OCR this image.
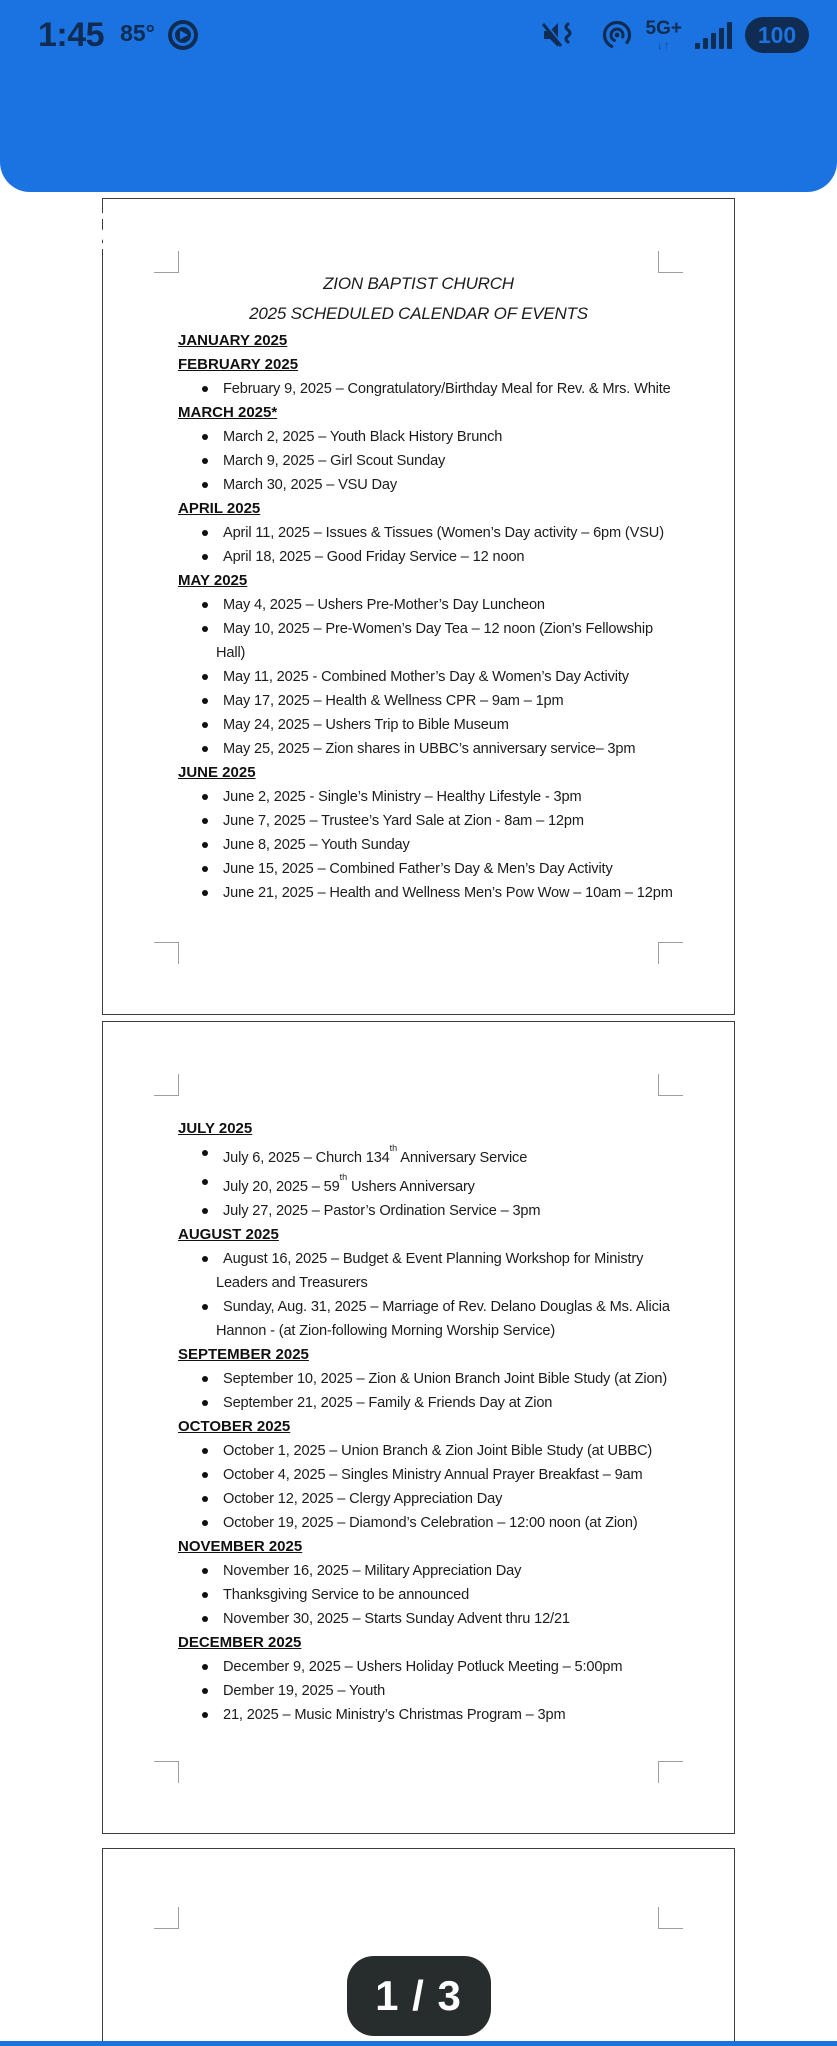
ZION BAPTIST CHURCH
2025 SCHEDULED CALENDAR OF EVENTS
JANUARY 2025
FEBRUARY 2025
February 9, 2025 – Congratulatory/Birthday Meal for Rev. & Mrs. White
MARCH 2025*
March 2, 2025 – Youth Black History Brunch
March 9, 2025 – Girl Scout Sunday
March 30, 2025 – VSU Day
APRIL 2025
April 11, 2025 – Issues & Tissues (Women’s Day activity – 6pm (VSU)
April 18, 2025 – Good Friday Service – 12 noon
MAY 2025
May 4, 2025 – Ushers Pre-Mother’s Day Luncheon
May 10, 2025 – Pre-Women’s Day Tea – 12 noon (Zion’s Fellowship
Hall)
May 11, 2025 - Combined Mother’s Day & Women’s Day Activity
May 17, 2025 – Health & Wellness CPR – 9am – 1pm
May 24, 2025 – Ushers Trip to Bible Museum
May 25, 2025 – Zion shares in UBBC’s anniversary service– 3pm
JUNE 2025
June 2, 2025 - Single’s Ministry – Healthy Lifestyle - 3pm
June 7, 2025 – Trustee’s Yard Sale at Zion - 8am – 12pm
June 8, 2025 – Youth Sunday
June 15, 2025 – Combined Father’s Day & Men’s Day Activity
June 21, 2025 – Health and Wellness Men’s Pow Wow – 10am – 12pm
JULY 2025
July 6, 2025 – Church 134th Anniversary Service
July 20, 2025 – 59th Ushers Anniversary
July 27, 2025 – Pastor’s Ordination Service – 3pm
AUGUST 2025
August 16, 2025 – Budget & Event Planning Workshop for Ministry
Leaders and Treasurers
Sunday, Aug. 31, 2025 – Marriage of Rev. Delano Douglas & Ms. Alicia
Hannon - (at Zion-following Morning Worship Service)
SEPTEMBER 2025
September 10, 2025 – Zion & Union Branch Joint Bible Study (at Zion)
September 21, 2025 – Family & Friends Day at Zion
OCTOBER 2025
October 1, 2025 – Union Branch & Zion Joint Bible Study (at UBBC)
October 4, 2025 – Singles Ministry Annual Prayer Breakfast – 9am
October 12, 2025 – Clergy Appreciation Day
October 19, 2025 – Diamond’s Celebration – 12:00 noon (at Zion)
NOVEMBER 2025
November 16, 2025 – Military Appreciation Day
Thanksgiving Service to be announced
November 30, 2025 – Starts Sunday Advent thru 12/21
DECEMBER 2025
December 9, 2025 – Ushers Holiday Potluck Meeting – 5:00pm
Dember 19, 2025 – Youth
21, 2025 – Music Ministry’s Christmas Program – 3pm
1:45 85°	5G+
↓↑	100
ZBC EVENTS...
1 / 3
